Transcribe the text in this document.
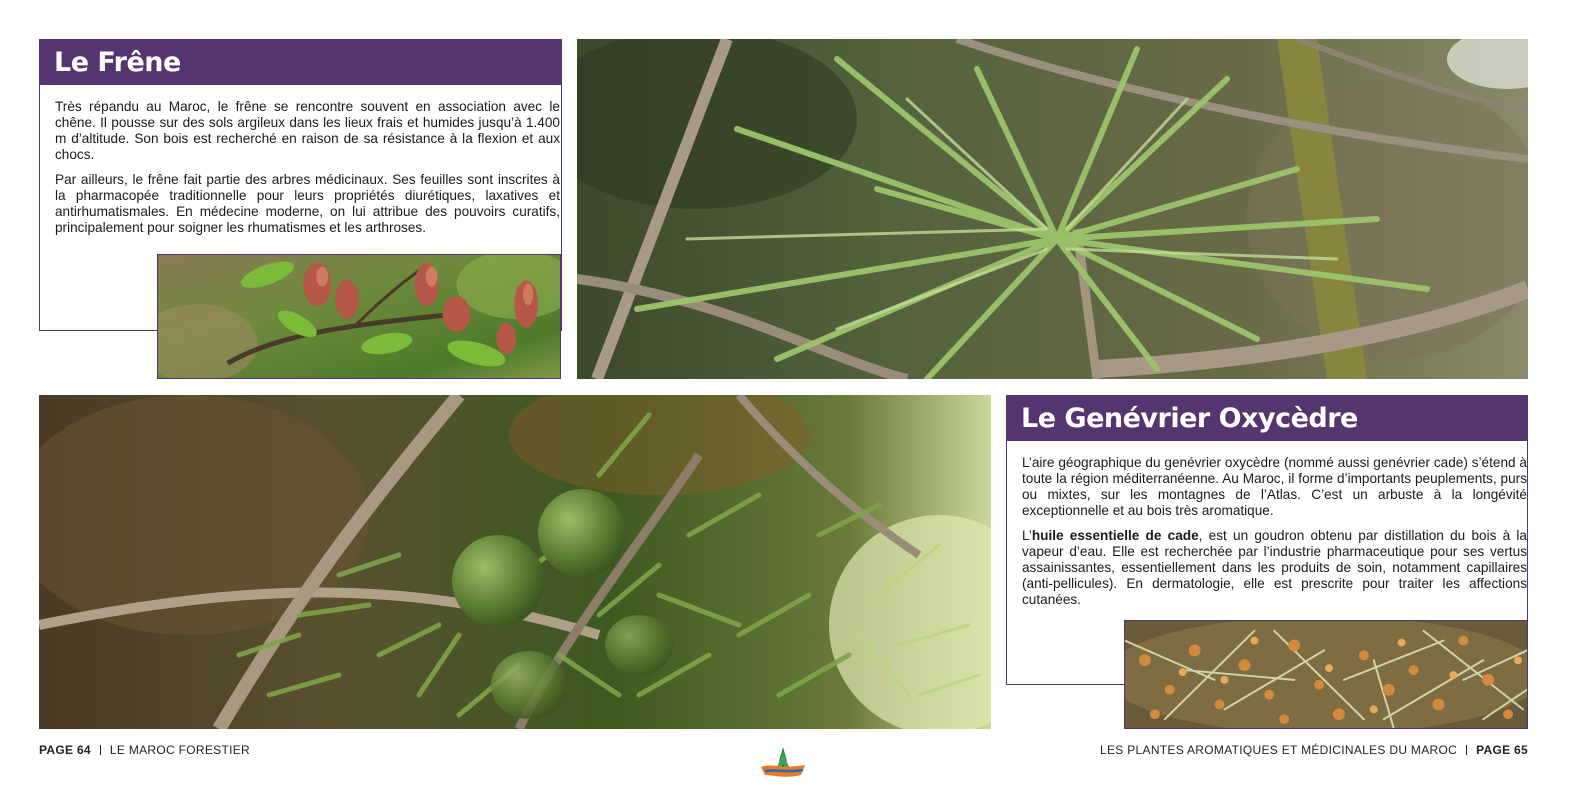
Le Frêne

Très répandu au Maroc, le frêne se rencontre souvent en association avec le chêne. Il pousse sur des sols argileux dans les lieux frais et humides jusqu’à 1.400 m d’altitude. Son bois est recherché en raison de sa résistance à la flexion et aux chocs.

Par ailleurs, le frêne fait partie des arbres médicinaux. Ses feuilles sont inscrites à la pharmacopée traditionnelle pour leurs propriétés diurétiques, laxatives et antirhumatismales. En médecine moderne, on lui attribue des pouvoirs curatifs, principalement pour soigner les rhumatismes et les arthroses.

Le Genévrier Oxycèdre

L’aire géographique du genévrier oxycèdre (nommé aussi genévrier cade) s’étend à toute la région méditerranéenne. Au Maroc, il forme d’importants peuplements, purs ou mixtes, sur les montagnes de l’Atlas. C’est un arbuste à la longévité exceptionnelle et au bois très aromatique.

L’huile essentielle de cade, est un goudron obtenu par distillation du bois à la vapeur d’eau. Elle est recherchée par l’industrie pharmaceutique pour ses vertus assainissantes, essentiellement dans les produits de soin, notamment capillaires (anti-pellicules). En dermatologie, elle est prescrite pour traiter les affections cutanées.

PAGE 64 LE MAROC FORESTIER	LES PLANTES AROMATIQUES ET MÉDICINALES DU MAROC PAGE 65
